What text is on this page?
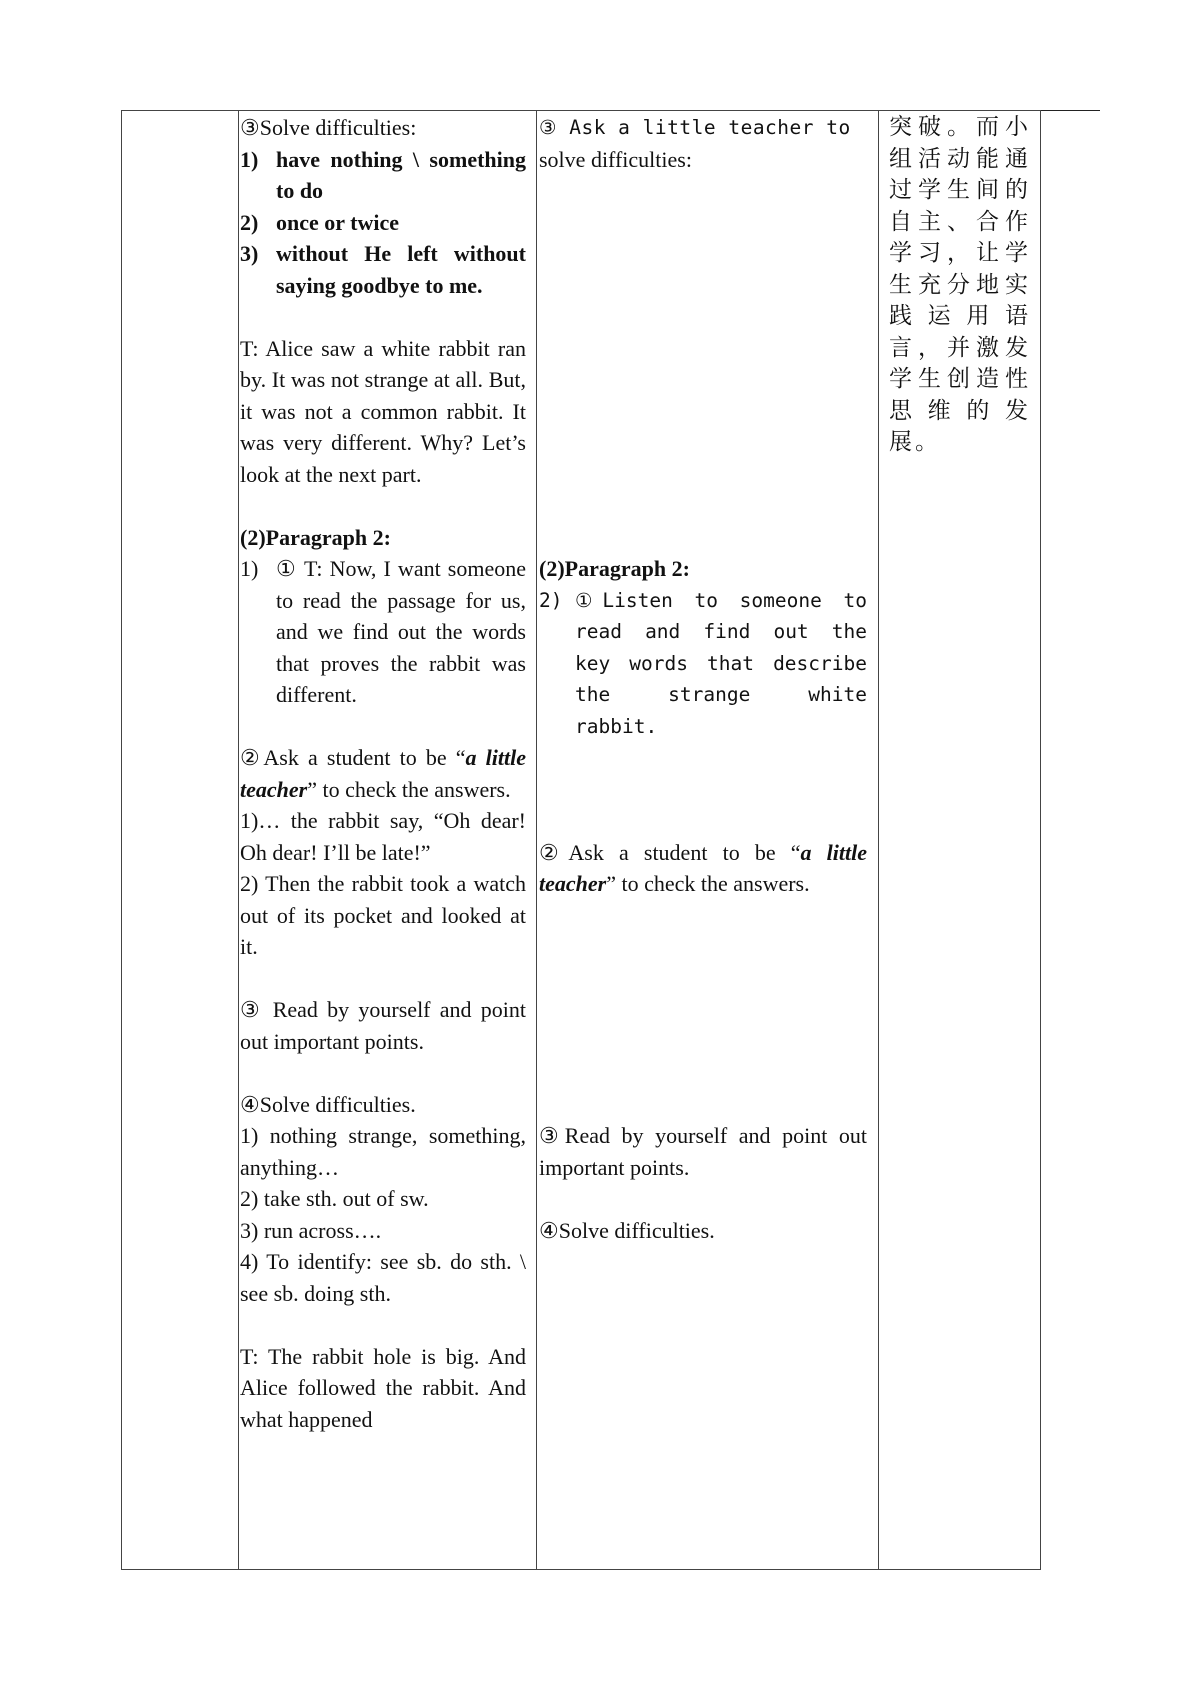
③Solve difficulties:

1) have nothing \ something to do
2) once or twice
3) without He left without saying goodbye to me.

T: Alice saw a white rabbit ran by. It was not strange at all. But, it was not a common rabbit. It was very different. Why? Let’s look at the next part.

(2)Paragraph 2:

1) ① T: Now, I want someone to read the passage for us, and we find out the words that proves the rabbit was different.

②Ask a student to be “a little teacher” to check the answers.

1)… the rabbit say, “Oh dear! Oh dear! I’ll be late!”

2) Then the rabbit took a watch out of its pocket and looked at it.

③ Read by yourself and point out important points.

④Solve difficulties.

1) nothing strange, something, anything…

2) take sth. out of sw.

3) run across….

4) To identify: see sb. do sth. \ see sb. doing sth.

T: The rabbit hole is big. And Alice followed the rabbit. And what happened

③ Ask a little teacher to

solve difficulties:

(2)Paragraph 2:

2) ①Listen to someone to read and find out the key words that describe the strange white rabbit.

②Ask a student to be “a little teacher” to check the answers.

③Read by yourself and point out important points.

④Solve difficulties.

突破。而小组活动能通过学生间的自主、合作学习，让学生充分地实践运用语言，并激发学生创造性思维的发展。
